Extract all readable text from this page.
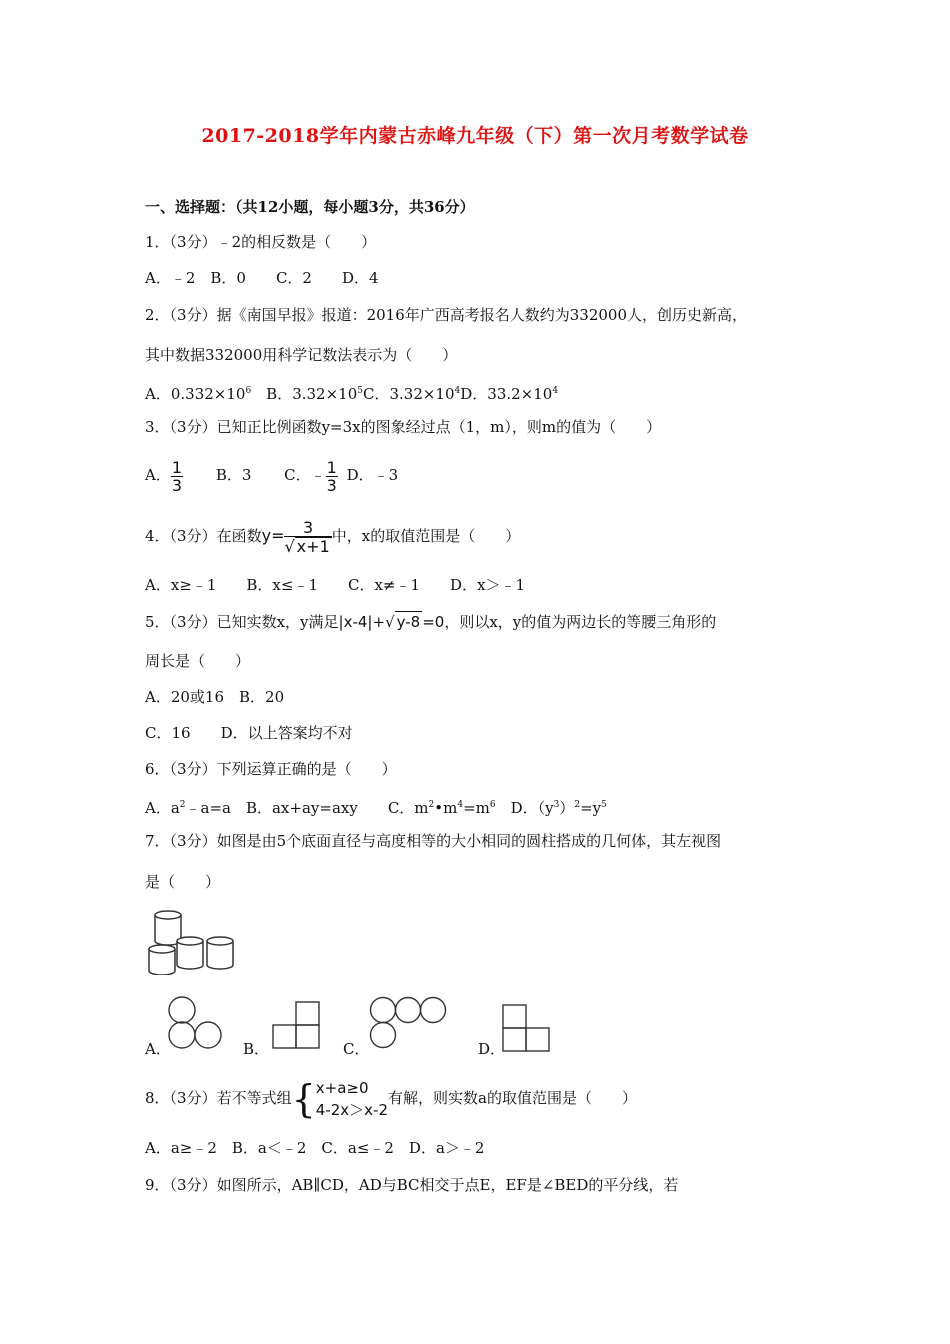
2017-2018学年内蒙古赤峰九年级（下）第一次月考数学试卷
一、选择题：（共12小题，每小题3分，共36分）
1．（3分）﹣2的相反数是（　　）
A．﹣2　B．0　　C．2　　D．4
2．（3分）据《南国早报》报道：2016年广西高考报名人数约为332000人，创历史新高，
其中数据332000用科学记数法表示为（　　）
A．$0.332\times 10^6$　B．$3.32\times 10^5C$．$3.32\times 10^4D$．$33.2\times 10^4$
3．（3分）已知正比例函数y=3x的图象经过点（1，m），则m的值为（　　）
A． $\frac{1}{3}$ B．3 C．﹣ $\frac{1}{3}$ D．﹣3
4．（3分）在函数$y= \frac{3}{√ x+1}$ 中，x的取值范围是（　　）
A．x≥﹣1　　B．x≤﹣1　　C．x≠﹣1　　D．x＞﹣1
5．（3分）已知实数x，y满足|x-4|+√ y-8 =0，则以x，y的值为两边长的等腰三角形的
周长是（　　）
A．20或16　B．20
C．16　　D．以上答案均不对
6．（3分）下列运算正确的是（　　）
A．$a^2﹣a=a$　B．ax+ay=axy　　C．$m^2•m^4=m^6$　D．$(y^3)^2=y^5$
7．（3分）如图是由5个底面直径与高度相等的大小相同的圆柱搭成的几何体，其左视图
是（　　）
A．	B．	C．	D．
8．（3分）若不等式组{ x+a≥0
4-2x＞x-2
有解，则实数a的取值范围是（　　）
A．a≥﹣2　B．a＜﹣2　C．a≤﹣2　D．a＞﹣2
9．（3分）如图所示，AB∥CD，AD与BC相交于点E，EF是∠BED的平分线，若
